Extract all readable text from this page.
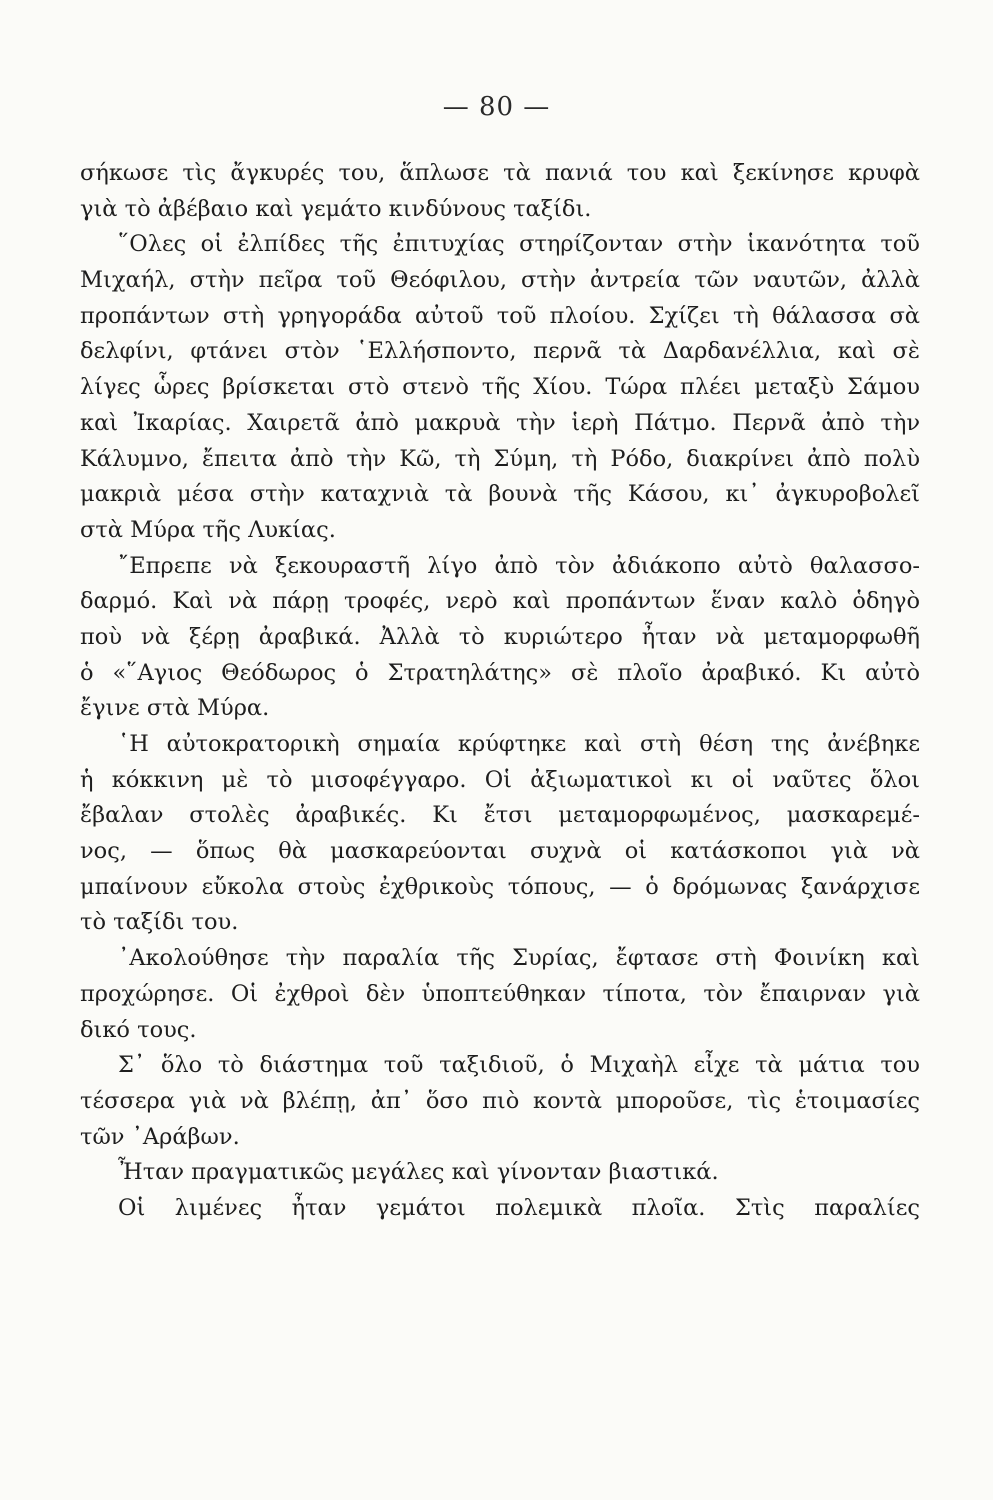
— 80 —
σήκωσε τὶς ἄγκυρές του, ἅπλωσε τὰ πανιά του καὶ ξεκίνησε κρυφὰ
γιὰ τὸ ἀβέβαιο καὶ γεμάτο κινδύνους ταξίδι.
῞Ολες οἱ ἐλπίδες τῆς ἐπιτυχίας στηρίζονταν στὴν ἱκανότητα τοῦ
Μιχαήλ, στὴν πεῖρα τοῦ Θεόφιλου, στὴν ἀντρεία τῶν ναυτῶν, ἀλλὰ
προπάντων στὴ γρηγοράδα αὐτοῦ τοῦ πλοίου. Σχίζει τὴ θάλασσα σὰ
δελφίνι, φτάνει στὸν ῾Ελλήσποντο, περνᾶ τὰ Δαρδανέλλια, καὶ σὲ
λίγες ὧρες βρίσκεται στὸ στενὸ τῆς Χίου. Τώρα πλέει μεταξὺ Σάμου
καὶ Ἰκαρίας. Χαιρετᾶ ἀπὸ μακρυὰ τὴν ἱερὴ Πάτμο. Περνᾶ ἀπὸ τὴν
Κάλυμνο, ἔπειτα ἀπὸ τὴν Κῶ, τὴ Σύμη, τὴ Ρόδο, διακρίνει ἀπὸ πολὺ
μακριὰ μέσα στὴν καταχνιὰ τὰ βουνὰ τῆς Κάσου, κι᾿ ἀγκυροβολεῖ
στὰ Μύρα τῆς Λυκίας.
῎Επρεπε νὰ ξεκουραστῆ λίγο ἀπὸ τὸν ἀδιάκοπο αὐτὸ θαλασσο-
δαρμό. Καὶ νὰ πάρῃ τροφές, νερὸ καὶ προπάντων ἕναν καλὸ ὁδηγὸ
ποὺ νὰ ξέρῃ ἀραβικά. Ἀλλὰ τὸ κυριώτερο ἦταν νὰ μεταμορφωθῆ
ὁ «῞Αγιος Θεόδωρος ὁ Στρατηλάτης» σὲ πλοῖο ἀραβικό. Κι αὐτὸ
ἔγινε στὰ Μύρα.
῾Η αὐτοκρατορικὴ σημαία κρύφτηκε καὶ στὴ θέση της ἀνέβηκε
ἡ κόκκινη μὲ τὸ μισοφέγγαρο. Οἱ ἀξιωματικοὶ κι οἱ ναῦτες ὅλοι
ἔβαλαν στολὲς ἀραβικές. Κι ἔτσι μεταμορφωμένος, μασκαρεμέ-
νος, — ὅπως θὰ μασκαρεύονται συχνὰ οἱ κατάσκοποι γιὰ νὰ
μπαίνουν εὔκολα στοὺς ἐχθρικοὺς τόπους, — ὁ δρόμωνας ξανάρχισε
τὸ ταξίδι του.
᾿Ακολούθησε τὴν παραλία τῆς Συρίας, ἔφτασε στὴ Φοινίκη καὶ
προχώρησε. Οἱ ἐχθροὶ δὲν ὑποπτεύθηκαν τίποτα, τὸν ἔπαιρναν γιὰ
δικό τους.
Σ᾿ ὅλο τὸ διάστημα τοῦ ταξιδιοῦ, ὁ Μιχαὴλ εἶχε τὰ μάτια του
τέσσερα γιὰ νὰ βλέπῃ, ἀπ᾿ ὅσο πιὸ κοντὰ μποροῦσε, τὶς ἑτοιμασίες
τῶν ᾿Αράβων.
Ἦταν πραγματικῶς μεγάλες καὶ γίνονταν βιαστικά.
Οἱ λιμένες ἦταν γεμάτοι πολεμικὰ πλοῖα. Στὶς παραλίες
